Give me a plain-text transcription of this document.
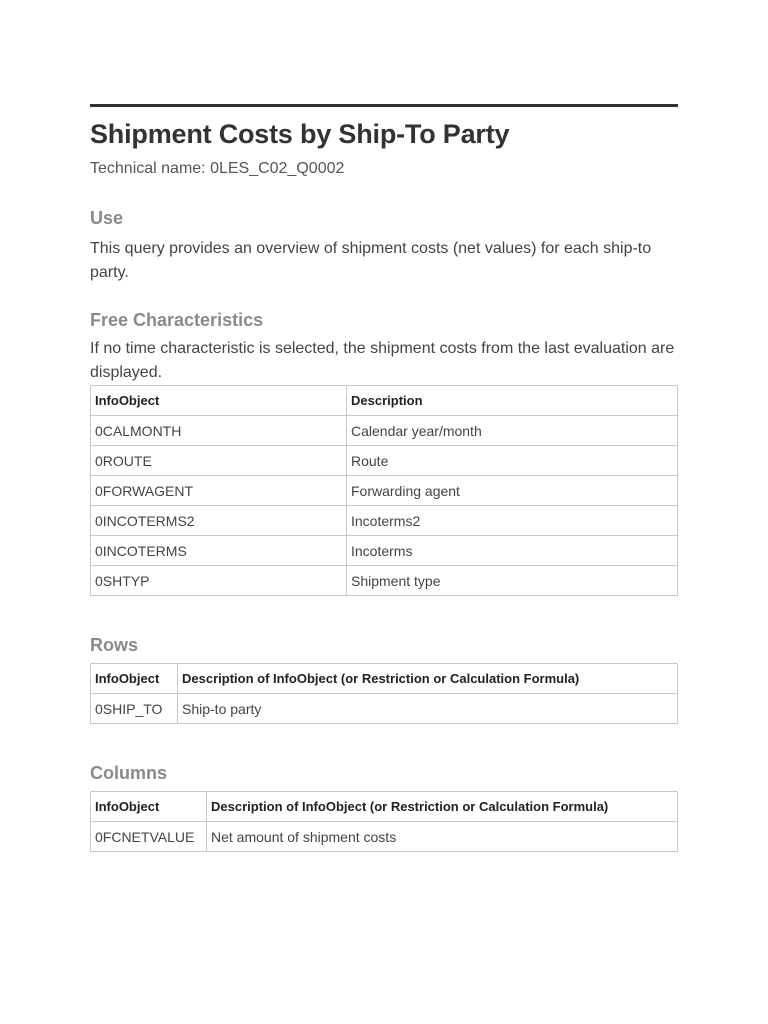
Shipment Costs by Ship-To Party
Technical name: 0LES_C02_Q0002
Use
This query provides an overview of shipment costs (net values) for each ship-to party.
Free Characteristics
If no time characteristic is selected, the shipment costs from the last evaluation are displayed.
InfoObject	Description
0CALMONTH	Calendar year/month
0ROUTE	Route
0FORWAGENT	Forwarding agent
0INCOTERMS2	Incoterms2
0INCOTERMS	Incoterms
0SHTYP	Shipment type
Rows
InfoObject	Description of InfoObject (or Restriction or Calculation Formula)
0SHIP_TO	Ship-to party
Columns
InfoObject	Description of InfoObject (or Restriction or Calculation Formula)
0FCNETVALUE	Net amount of shipment costs
